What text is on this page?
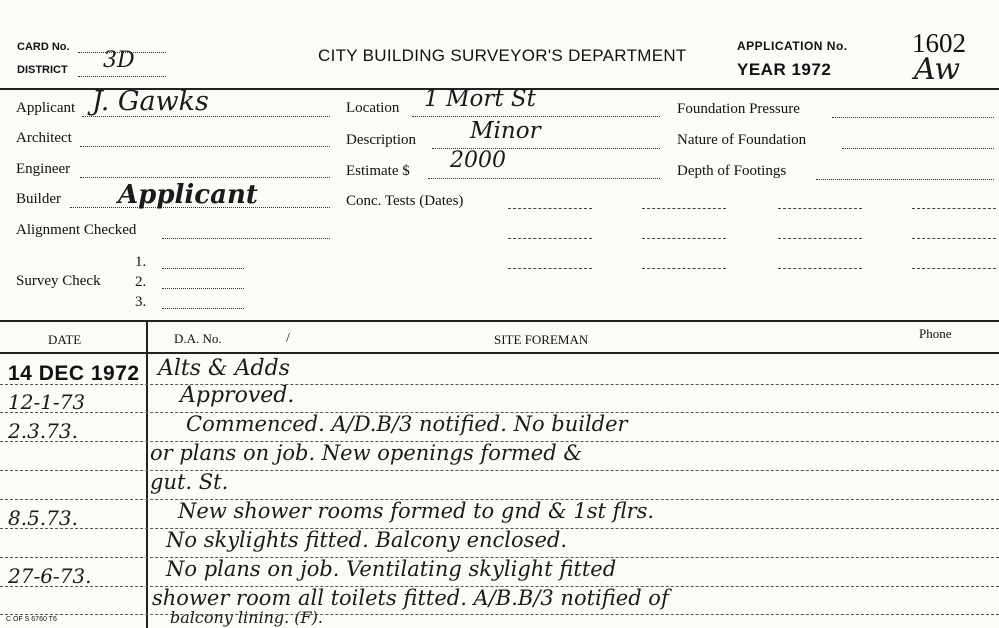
CARD No.
DISTRICT 3D	CITY BUILDING SURVEYOR'S DEPARTMENT	APPLICATION No.
YEAR 1972
1602
Aw
Applicant J. Gawks
Architect
Engineer
Builder Applicant
Alignment Checked
Survey Check
1.
2.
3.
Location 1 Mort St
Description Minor
Estimate $ 2000
Conc. Tests (Dates)
Foundation Pressure
Nature of Foundation
Depth of Footings
DATE	D.A. No.	/	SITE FOREMAN	Phone
14 DEC 1972 Alts & Adds
12-1-73	Approved.
2.3.73.	Commenced. A/D.B/3 notified. No builder
or plans on job. New openings formed &
gut. St.
8.5.73.	New shower rooms formed to gnd & 1st flrs.
No skylights fitted. Balcony enclosed.
27-6-73.	No plans on job. Ventilating skylight fitted
shower room all toilets fitted. A/B.B/3 notified of
balcony lining. (F).
C OF S 6760 T6
